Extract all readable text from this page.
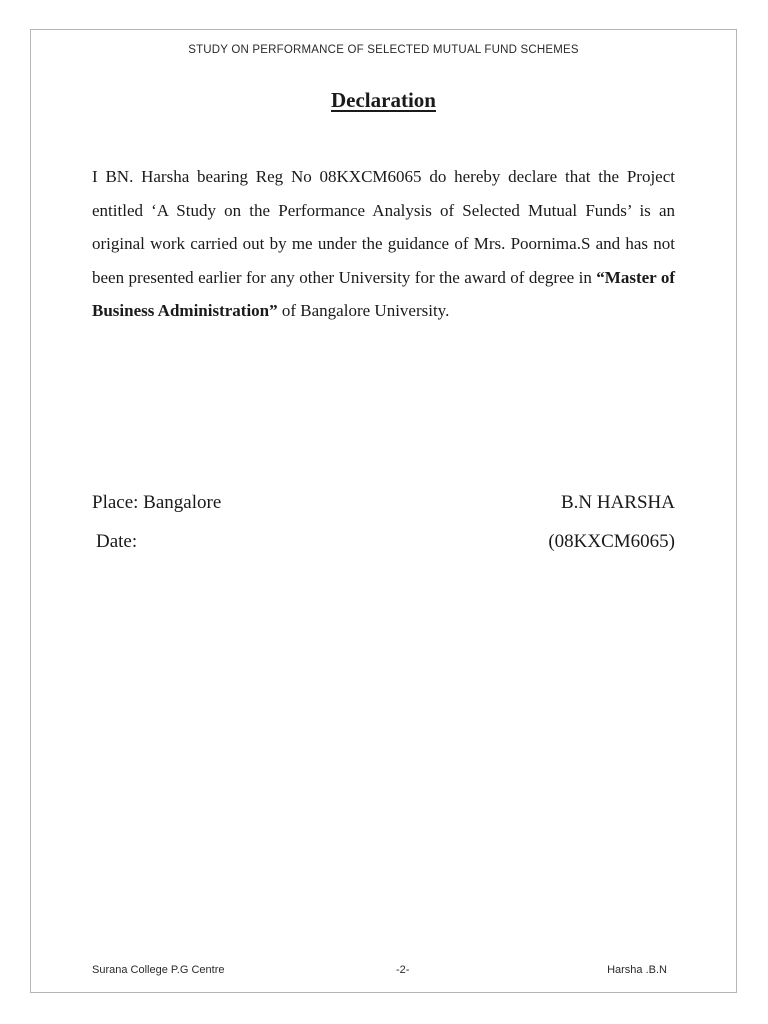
STUDY ON PERFORMANCE OF SELECTED MUTUAL FUND SCHEMES
Declaration

I BN. Harsha bearing Reg No 08KXCM6065 do hereby declare that the Project entitled ‘A Study on the Performance Analysis of Selected Mutual Funds’ is an original work carried out by me under the guidance of Mrs. Poornima.S and has not been presented earlier for any other University for the award of degree in “Master of Business Administration” of Bangalore University.

Place: Bangalore
Date:
B.N HARSHA
(08KXCM6065)
Surana College P.G Centre	-2-	Harsha .B.N
